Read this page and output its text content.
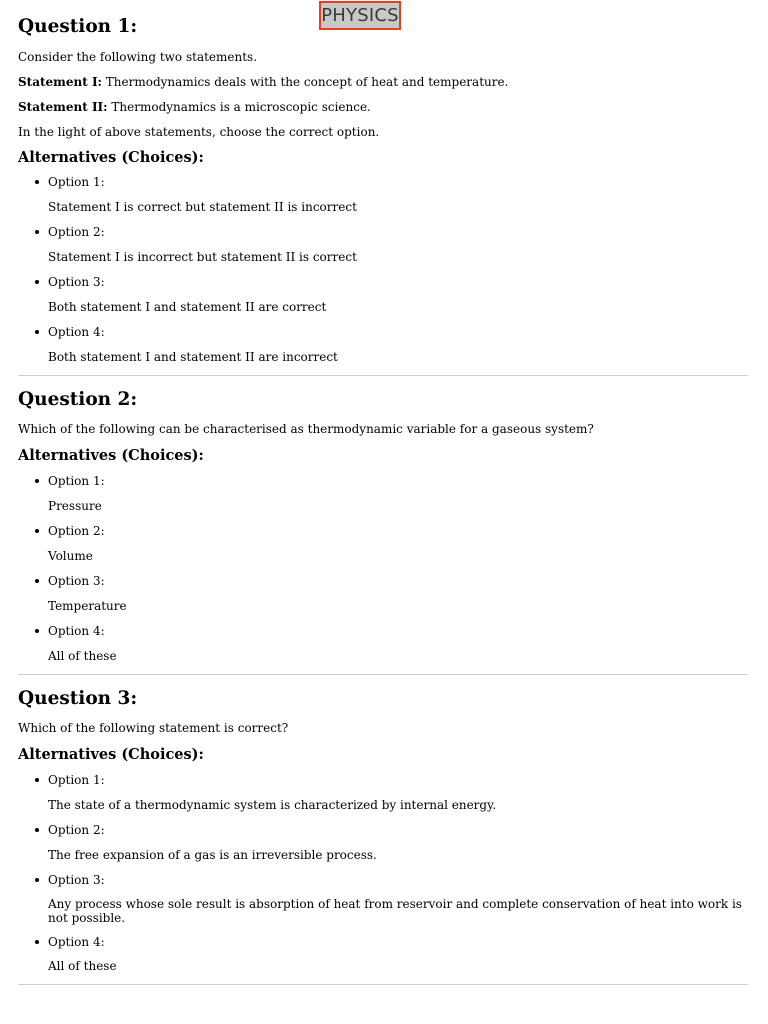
PHYSICS
Question 1:

Consider the following two statements.

Statement I: Thermodynamics deals with the concept of heat and temperature.

Statement II: Thermodynamics is a microscopic science.

In the light of above statements, choose the correct option.

Alternatives (Choices):
Option 1:
Statement I is correct but statement II is incorrect
Option 2:
Statement I is incorrect but statement II is correct
Option 3:
Both statement I and statement II are correct
Option 4:
Both statement I and statement II are incorrect
Question 2:

Which of the following can be characterised as thermodynamic variable for a gaseous system?

Alternatives (Choices):
Option 1:
Pressure
Option 2:
Volume
Option 3:
Temperature
Option 4:
All of these
Question 3:

Which of the following statement is correct?

Alternatives (Choices):
Option 1:
The state of a thermodynamic system is characterized by internal energy.
Option 2:
The free expansion of a gas is an irreversible process.
Option 3:
Any process whose sole result is absorption of heat from reservoir and complete conservation of heat into work is not possible.
Option 4:
All of these
